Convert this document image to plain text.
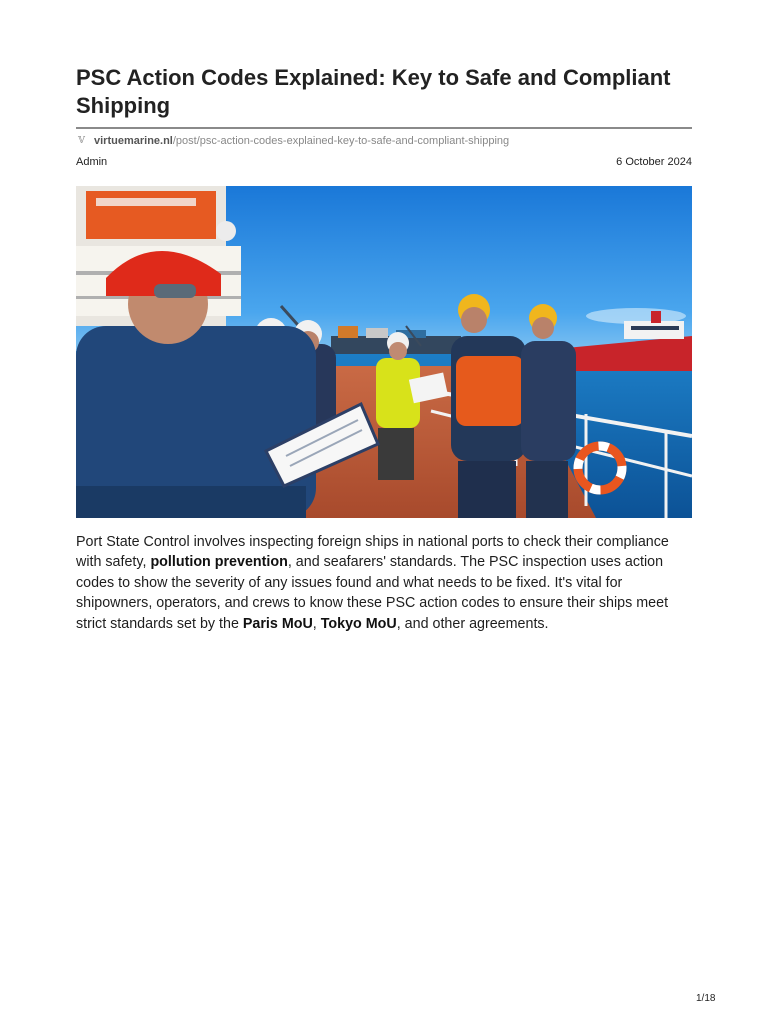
PSC Action Codes Explained: Key to Safe and Compliant Shipping
𝕍 virtuemarine.nl /post/psc-action-codes-explained-key-to-safe-and-compliant-shipping
Admin	6 October 2024

Port State Control involves inspecting foreign ships in national ports to check their compliance with safety, pollution prevention, and seafarers' standards. The PSC inspection uses action codes to show the severity of any issues found and what needs to be fixed. It's vital for shipowners, operators, and crews to know these PSC action codes to ensure their ships meet strict standards set by the Paris MoU, Tokyo MoU, and other agreements.

1/18
